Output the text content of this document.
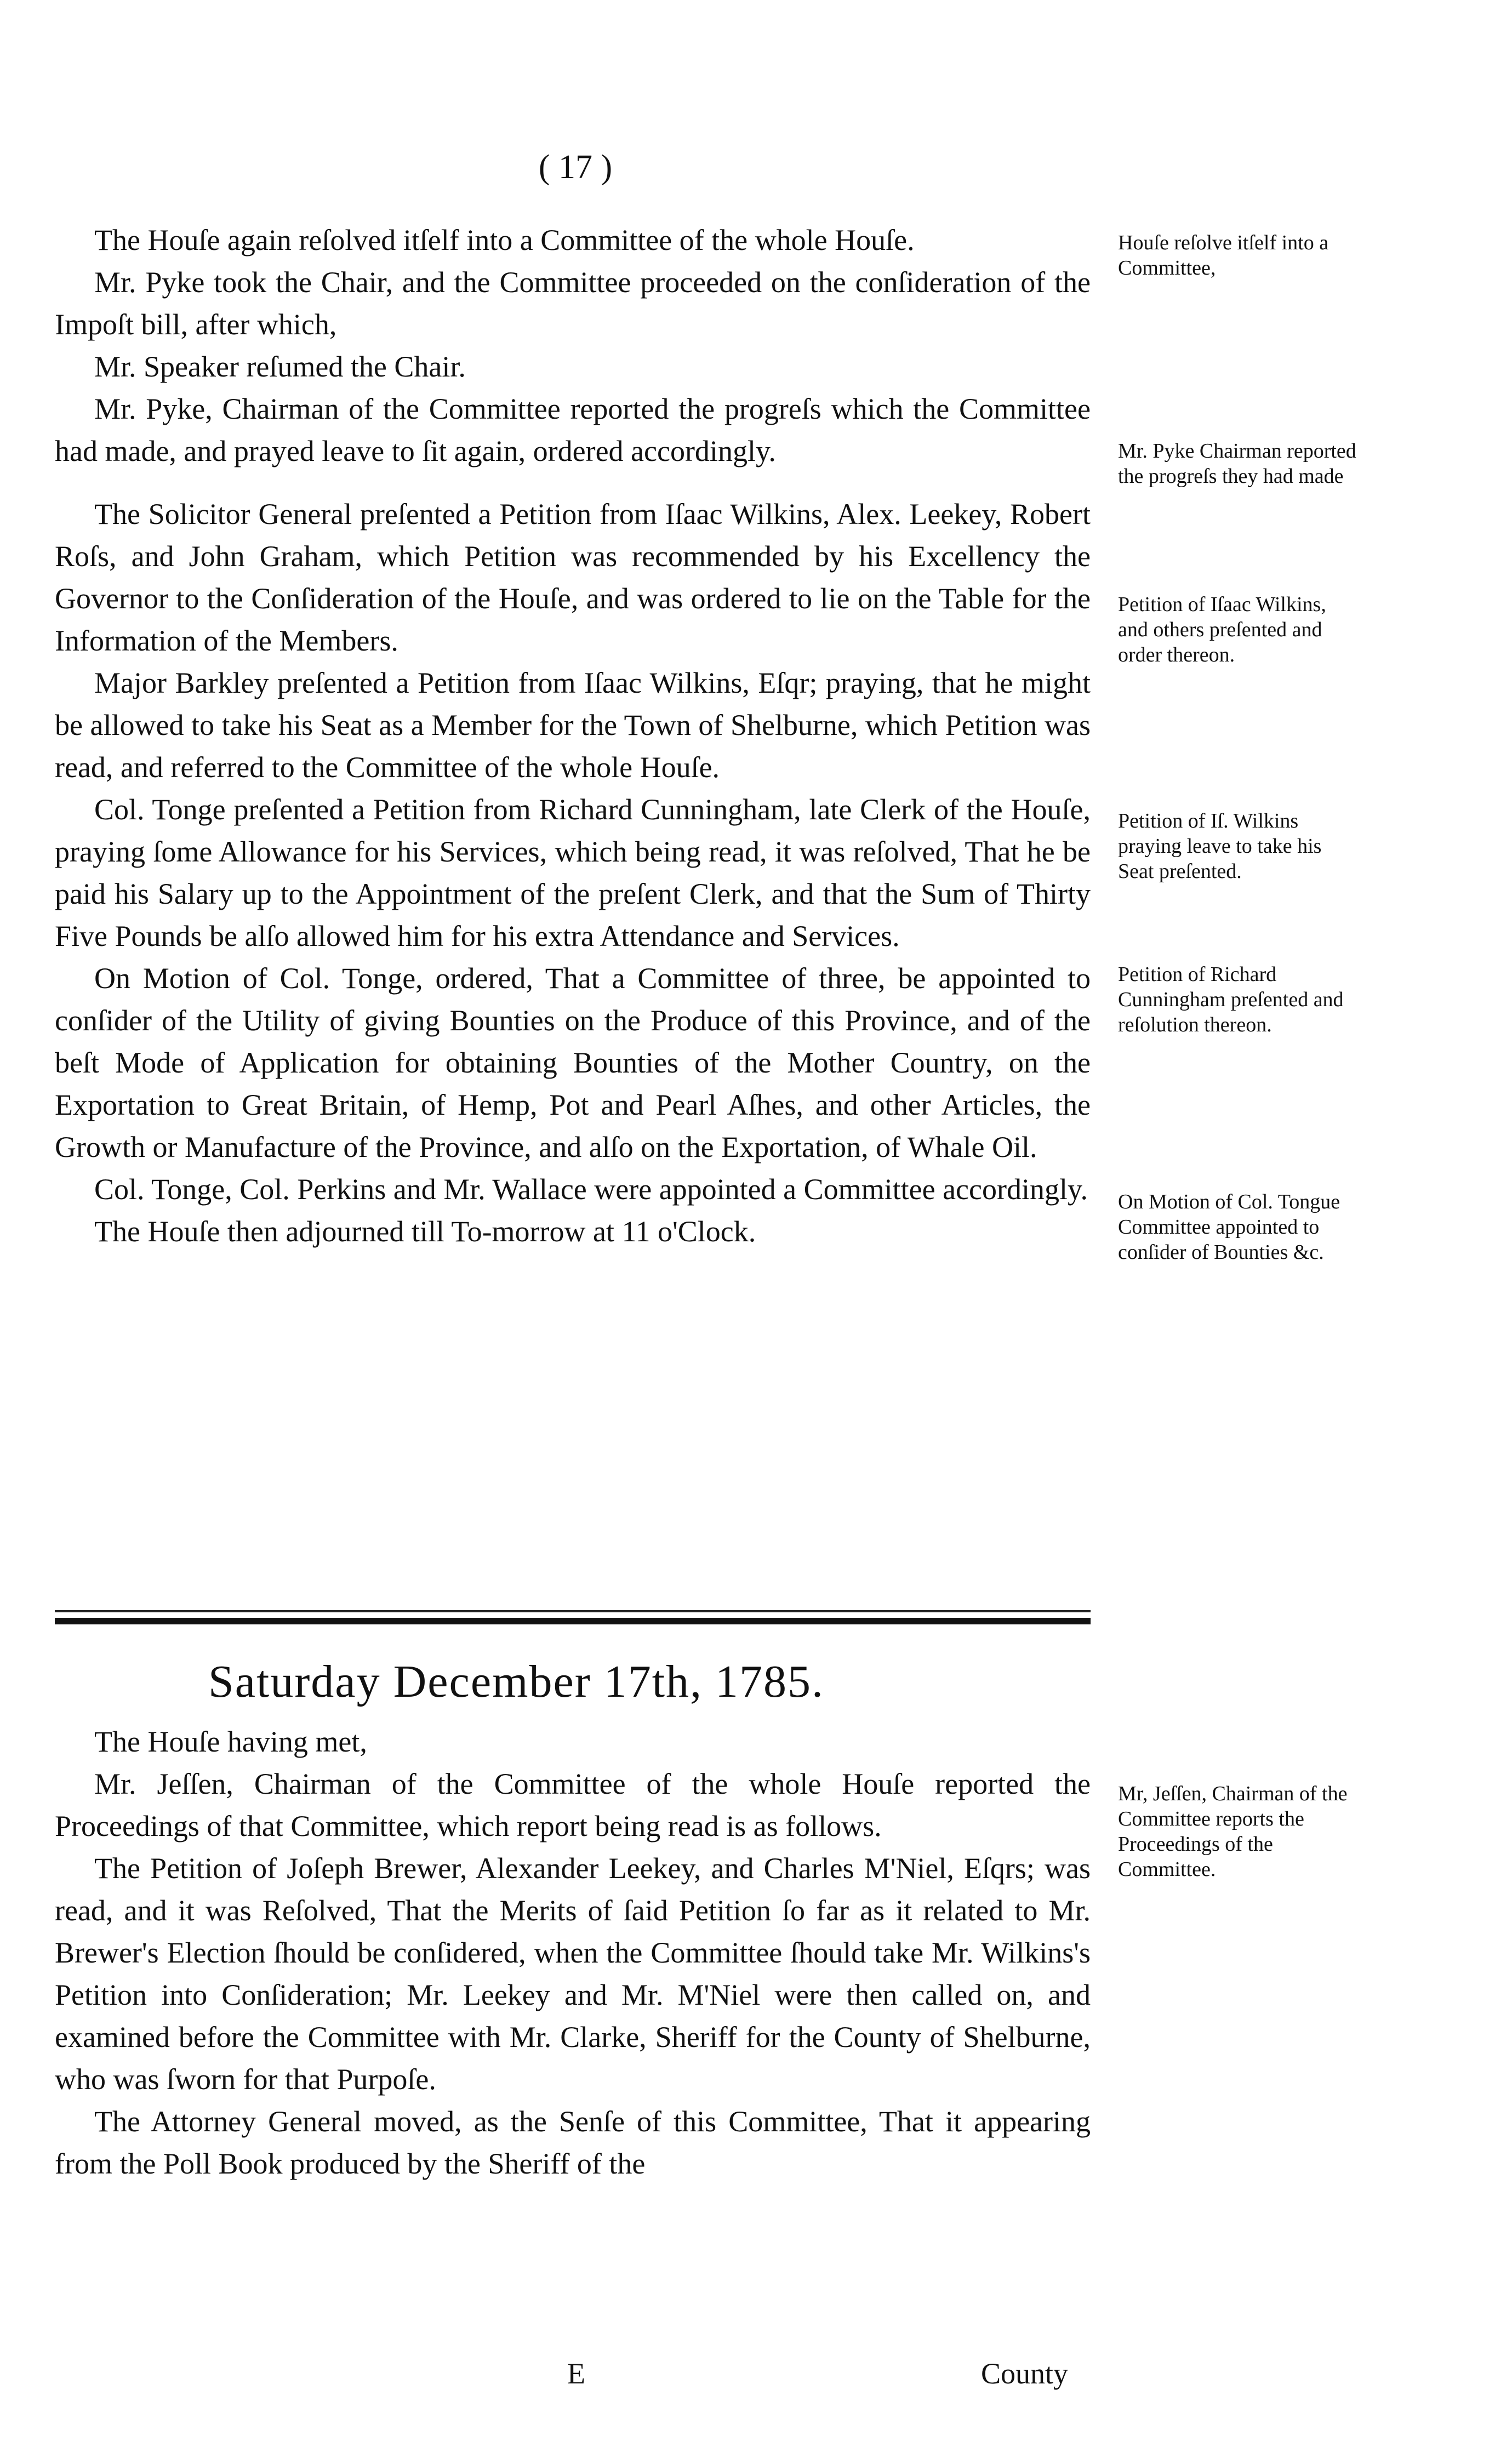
( 17 )

The Houſe again reſolved itſelf into a Committee of the whole Houſe.

Mr. Pyke took the Chair, and the Committee proceeded on the conſideration of the Impoſt bill, after which,

Mr. Speaker reſumed the Chair.

Mr. Pyke, Chairman of the Committee reported the progreſs which the Committee had made, and prayed leave to ſit again, ordered accordingly.

The Solicitor General preſented a Petition from Iſaac Wilkins, Alex. Leekey, Robert Roſs, and John Graham, which Petition was recommended by his Excellency the Governor to the Conſideration of the Houſe, and was ordered to lie on the Table for the Information of the Members.

Major Barkley preſented a Petition from Iſaac Wilkins, Eſqr; praying, that he might be allowed to take his Seat as a Member for the Town of Shelburne, which Petition was read, and referred to the Committee of the whole Houſe.

Col. Tonge preſented a Petition from Richard Cunningham, late Clerk of the Houſe, praying ſome Allowance for his Services, which being read, it was reſolved, That he be paid his Salary up to the Appointment of the preſent Clerk, and that the Sum of Thirty Five Pounds be alſo allowed him for his extra Attendance and Services.

On Motion of Col. Tonge, ordered, That a Committee of three, be appointed to conſider of the Utility of giving Bounties on the Produce of this Province, and of the beſt Mode of Application for obtaining Bounties of the Mother Country, on the Exportation to Great Britain, of Hemp, Pot and Pearl Aſhes, and other Articles, the Growth or Manufacture of the Province, and alſo on the Exportation, of Whale Oil.

Col. Tonge, Col. Perkins and Mr. Wallace were appointed a Committee accordingly.

The Houſe then adjourned till To-morrow at 11 o'Clock.

Saturday December 17th, 1785.

The Houſe having met,

Mr. Jeſſen, Chairman of the Committee of the whole Houſe reported the Proceedings of that Committee, which report being read is as follows.

The Petition of Joſeph Brewer, Alexander Leekey, and Charles M'Niel, Eſqrs; was read, and it was Reſolved, That the Merits of ſaid Petition ſo far as it related to Mr. Brewer's Election ſhould be conſidered, when the Committee ſhould take Mr. Wilkins's Petition into Conſideration; Mr. Leekey and Mr. M'Niel were then called on, and examined before the Committee with Mr. Clarke, Sheriff for the County of Shelburne, who was ſworn for that Purpoſe.

The Attorney General moved, as the Senſe of this Committee, That it appearing from the Poll Book produced by the Sheriff of the

Houſe reſolve itſelf into a Committee,
Mr. Pyke Chairman reported the progreſs they had made
Petition of Iſaac Wilkins, and others preſented and order thereon.
Petition of Iſ. Wilkins praying leave to take his Seat preſented.
Petition of Richard Cunningham preſented and reſolution thereon.
On Motion of Col. Tongue Committee appointed to conſider of Bounties &c.
Mr, Jeſſen, Chairman of the Committee reports the Proceedings of the Committee.
E	County
